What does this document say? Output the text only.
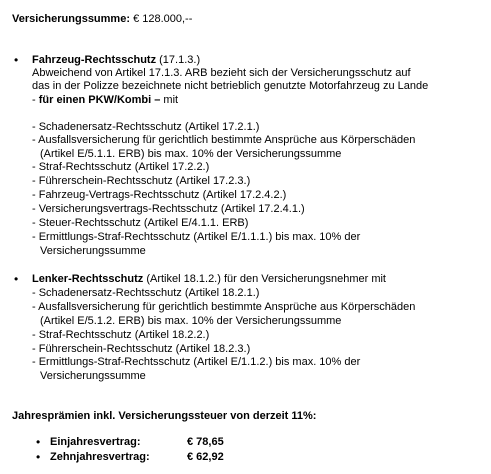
Versicherungssumme: € 128.000,--
• Fahrzeug-Rechtsschutz (17.1.3.)
Abweichend von Artikel 17.1.3. ARB bezieht sich der Versicherungsschutz auf
das in der Polizze bezeichnete nicht betrieblich genutzte Motorfahrzeug zu Lande
- für einen PKW/Kombi – mit
- Schadenersatz-Rechtsschutz (Artikel 17.2.1.)
- Ausfallsversicherung für gerichtlich bestimmte Ansprüche aus Körperschäden
(Artikel E/5.1.1. ERB) bis max. 10% der Versicherungssumme
- Straf-Rechtsschutz (Artikel 17.2.2.)
- Führerschein-Rechtsschutz (Artikel 17.2.3.)
- Fahrzeug-Vertrags-Rechtsschutz (Artikel 17.2.4.2.)
- Versicherungsvertrags-Rechtsschutz (Artikel 17.2.4.1.)
- Steuer-Rechtsschutz (Artikel E/4.1.1. ERB)
- Ermittlungs-Straf-Rechtsschutz (Artikel E/1.1.1.) bis max. 10% der
Versicherungssumme
• Lenker-Rechtsschutz (Artikel 18.1.2.) für den Versicherungsnehmer mit
- Schadenersatz-Rechtsschutz (Artikel 18.2.1.)
- Ausfallsversicherung für gerichtlich bestimmte Ansprüche aus Körperschäden
(Artikel E/5.1.2. ERB) bis max. 10% der Versicherungssumme
- Straf-Rechtsschutz (Artikel 18.2.2.)
- Führerschein-Rechtsschutz (Artikel 18.2.3.)
- Ermittlungs-Straf-Rechtsschutz (Artikel E/1.1.2.) bis max. 10% der
Versicherungssumme
Jahresprämien inkl. Versicherungssteuer von derzeit 11%:
• Einjahresvertrag:	€ 78,65
• Zehnjahresvertrag:	€ 62,92
